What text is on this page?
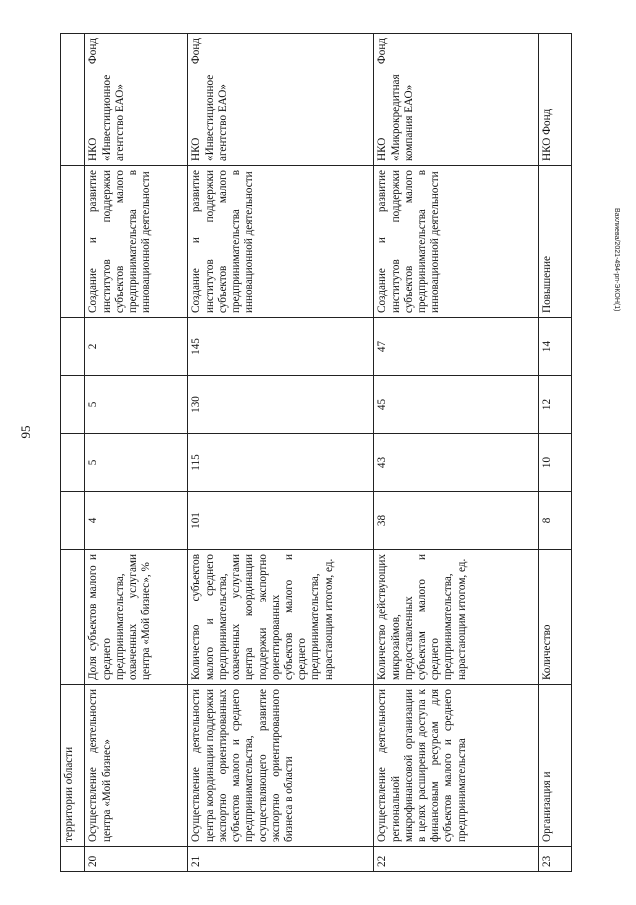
95
Вахлиева/2021-494-рп-ЭКОН(1)
	территории области							
20	Осуществление деятельности центра «Мой бизнес»	Доля субъектов малого и среднего предпринимательства, охваченных услугами центра «Мой бизнес», %	4	5	5	2	Создание и развитие институтов поддержки субъектов малого предпринимательства в инновационной деятельности	НКО Фонд «Инвестиционное агентство ЕАО»
21	Осуществление деятельности центра координации поддержки экспортно ориентированных субъектов малого и среднего предпринимательства, осуществляющего развитие экспортно ориентированного бизнеса в области	Количество субъектов малого и среднего предпринимательства, охваченных услугами центра координации поддержки экспортно ориентированных субъектов малого и среднего предпринимательства, нарастающим итогом, ед.	101	115	130	145	Создание и развитие институтов поддержки субъектов малого предпринимательства в инновационной деятельности	НКО Фонд «Инвестиционное агентство ЕАО»
22	Осуществление деятельности региональной микрофинансовой организации в целях расширения доступа к финансовым ресурсам для субъектов малого и среднего предпринимательства	Количество действующих микрозаймов, предоставленных субъектам малого и среднего предпринимательства, нарастающим итогом, ед.	38	43	45	47	Создание и развитие институтов поддержки субъектов малого предпринимательства в инновационной деятельности	НКО Фонд «Микрокредитная компания ЕАО»
23	Организация и	Количество	8	10	12	14	Повышение	НКО Фонд
